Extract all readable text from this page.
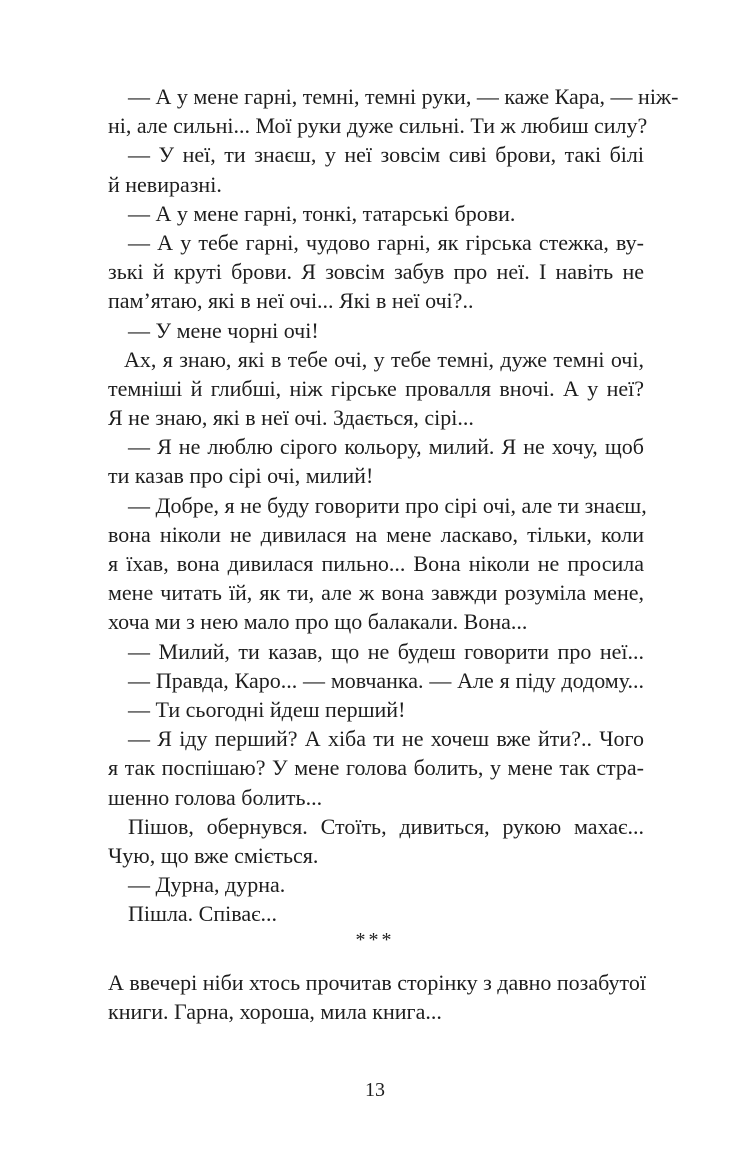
— А у мене гарні, темні, темні руки, — каже Кара, — ніж-
ні, але сильні... Мої руки дуже сильні. Ти ж любиш силу?
— У неї, ти знаєш, у неї зовсім сиві брови, такі білі
й невиразні.
— А у мене гарні, тонкі, татарські брови.
— А у тебе гарні, чудово гарні, як гірська стежка, ву-
зькі й круті брови. Я зовсім забув про неї. І навіть не
пам’ятаю, які в неї очі... Які в неї очі?..
— У мене чорні очі!
Ах, я знаю, які в тебе очі, у тебе темні, дуже темні очі,
темніші й глибші, ніж гірське провалля вночі. А у неї?
Я не знаю, які в неї очі. Здається, сірі...
— Я не люблю сірого кольору, милий. Я не хочу, щоб
ти казав про сірі очі, милий!
— Добре, я не буду говорити про сірі очі, але ти знаєш,
вона ніколи не дивилася на мене ласкаво, тільки, коли
я їхав, вона дивилася пильно... Вона ніколи не просила
мене читать їй, як ти, але ж вона завжди розуміла мене,
хоча ми з нею мало про що балакали. Вона...
— Милий, ти казав, що не будеш говорити про неї...
— Правда, Каро... — мовчанка. — Але я піду додому...
— Ти сьогодні йдеш перший!
— Я іду перший? А хіба ти не хочеш вже йти?.. Чого
я так поспішаю? У мене голова болить, у мене так стра-
шенно голова болить...
Пішов, обернувся. Стоїть, дивиться, рукою махає...
Чую, що вже сміється.
— Дурна, дурна.
Пішла. Співає...
***
А ввечері ніби хтось прочитав сторінку з давно позабутої
книги. Гарна, хороша, мила книга...
13
